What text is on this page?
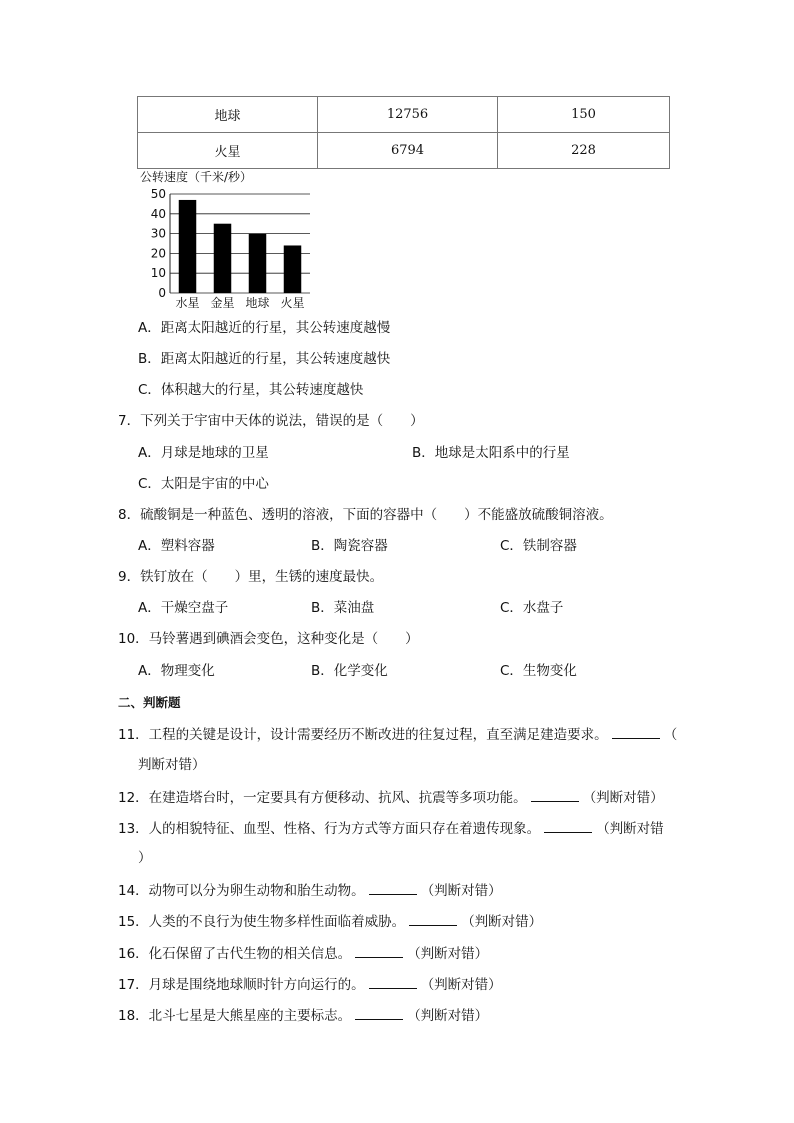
地球	12756	150
火星	6794	228
公转速度（千米/秒）
0
10
20
30
40
50
水星 金星 地球 火星
A．距离太阳越近的行星，其公转速度越慢
B．距离太阳越近的行星，其公转速度越快
C．体积越大的行星，其公转速度越快
7．下列关于宇宙中天体的说法，错误的是（　　）
A．月球是地球的卫星	B．地球是太阳系中的行星
C．太阳是宇宙的中心
8．硫酸铜是一种蓝色、透明的溶液，下面的容器中（　　）不能盛放硫酸铜溶液。
A．塑料容器	B．陶瓷容器	C．铁制容器
9．铁钉放在（　　）里，生锈的速度最快。
A．干燥空盘子	B．菜油盘	C．水盘子
10．马铃薯遇到碘酒会变色，这种变化是（　　）
A．物理变化	B．化学变化	C．生物变化
二、判断题
11．工程的关键是设计，设计需要经历不断改进的往复过程，直至满足建造要求。	（
判断对错）
12．在建造塔台时，一定要具有方便移动、抗风、抗震等多项功能。	（判断对错）
13．人的相貌特征、血型、性格、行为方式等方面只存在着遗传现象。	（判断对错
）
14．动物可以分为卵生动物和胎生动物。	（判断对错）
15．人类的不良行为使生物多样性面临着威胁。	（判断对错）
16．化石保留了古代生物的相关信息。	（判断对错）
17．月球是围绕地球顺时针方向运行的。	（判断对错）
18．北斗七星是大熊星座的主要标志。	（判断对错）
